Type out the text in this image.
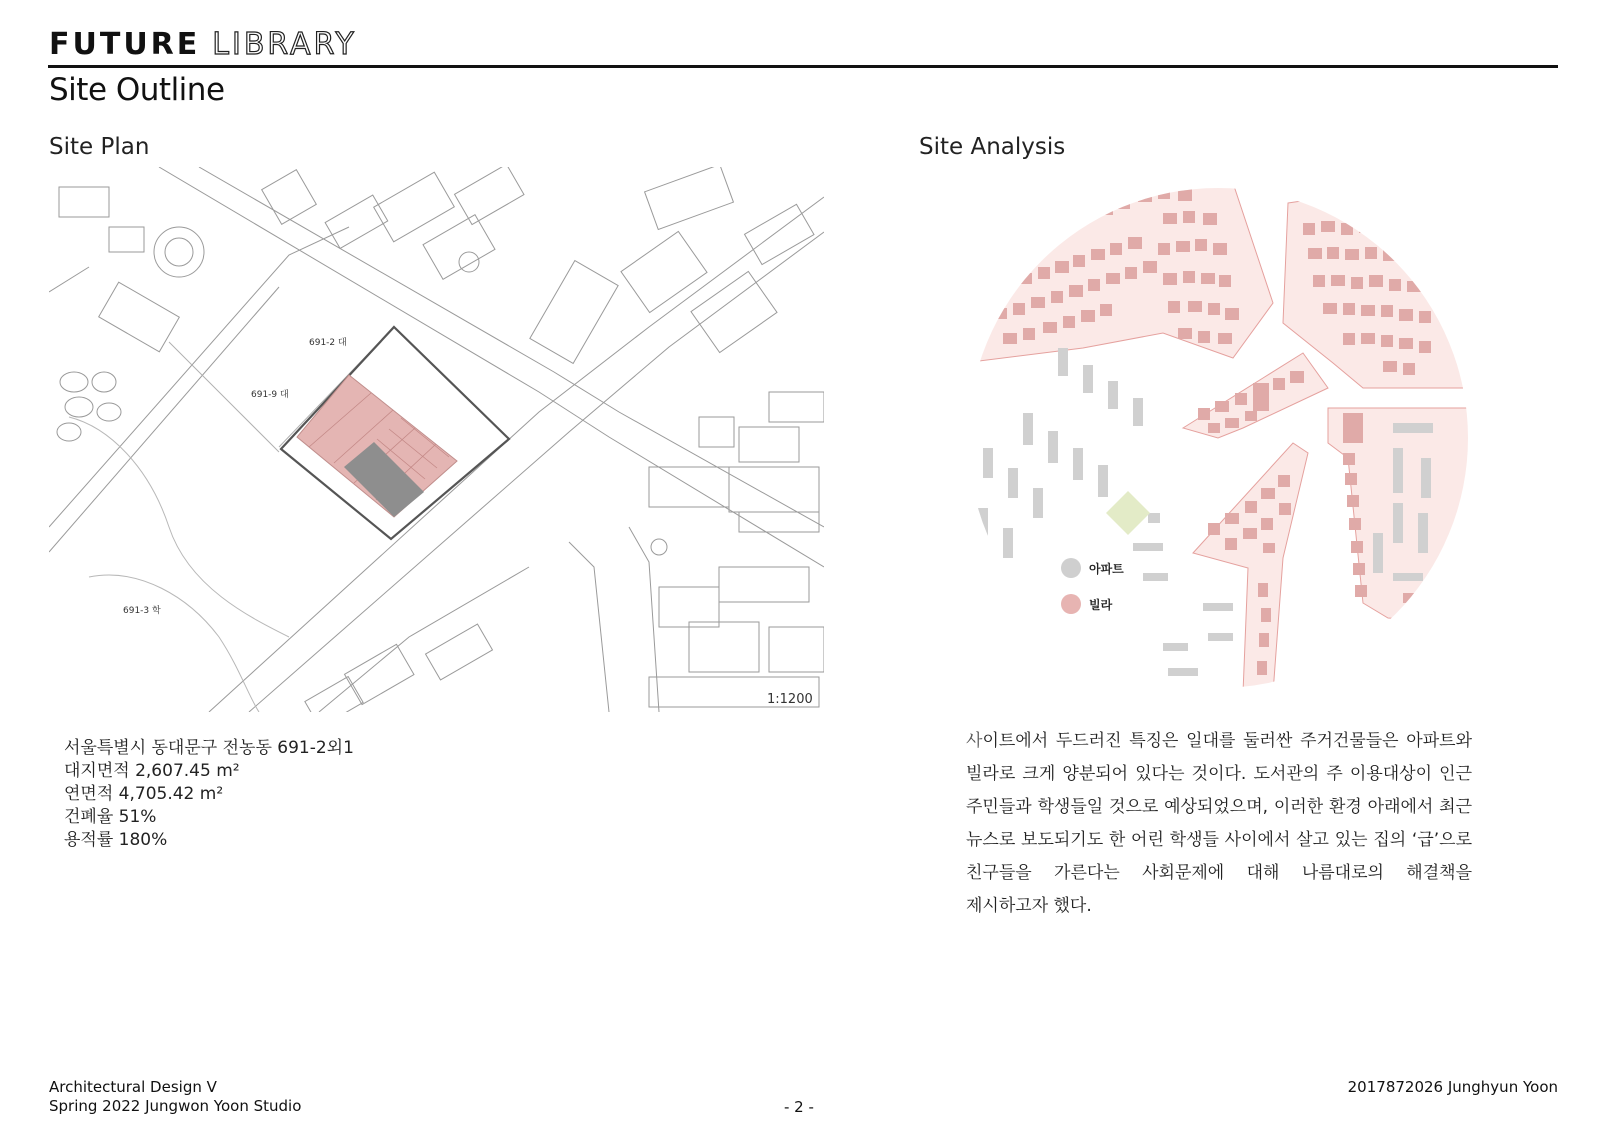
FUTURE LIBRARY
Site Outline
Site Plan	Site Analysis
691-2 대
691-9 대
691-3 학
1:1200
서울특별시 동대문구 전농동 691-2외1
대지면적 2,607.45 m²
연면적 4,705.42 m²
건폐율 51%
용적률 180%
아파트
빌라

사이트에서 두드러진 특징은 일대를 둘러싼 주거건물들은 아파트와 빌라로 크게 양분되어 있다는 것이다. 도서관의 주 이용대상이 인근 주민들과 학생들일 것으로 예상되었으며, 이러한 환경 아래에서 최근 뉴스로 보도되기도 한 어린 학생들 사이에서 살고 있는 집의 ‘급’으로 친구들을 가른다는 사회문제에 대해 나름대로의 해결책을 제시하고자 했다.

Architectural Design V
Spring 2022 Jungwon Yoon Studio	- 2 -
2017872026 Junghyun Yoon
